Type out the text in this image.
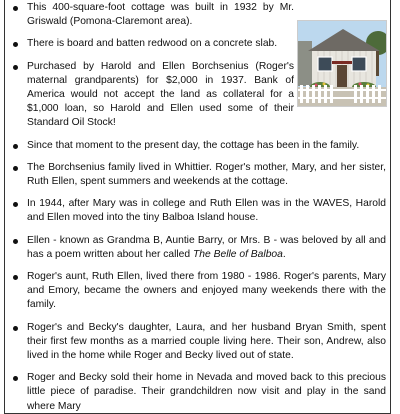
This 400-square-foot cottage was built in 1932 by Mr. Griswald (Pomona-Claremont area).
There is board and batten redwood on a concrete slab.
Purchased by Harold and Ellen Borchsenius (Roger's maternal grandparents) for $2,000 in 1937. Bank of America would not accept the land as collateral for a $1,000 loan, so Harold and Ellen used some of their Standard Oil Stock!
Since that moment to the present day, the cottage has been in the family.
The Borchsenius family lived in Whittier. Roger's mother, Mary, and her sister, Ruth Ellen, spent summers and weekends at the cottage.
In 1944, after Mary was in college and Ruth Ellen was in the WAVES, Harold and Ellen moved into the tiny Balboa Island house.
Ellen - known as Grandma B, Auntie Barry, or Mrs. B - was beloved by all and has a poem written about her called The Belle of Balboa.
Roger's aunt, Ruth Ellen, lived there from 1980 - 1986. Roger's parents, Mary and Emory, became the owners and enjoyed many weekends there with the family.
Roger's and Becky's daughter, Laura, and her husband Bryan Smith, spent their first few months as a married couple living here. Their son, Andrew, also lived in the home while Roger and Becky lived out of state.
Roger and Becky sold their home in Nevada and moved back to this precious little piece of paradise. Their grandchildren now visit and play in the sand where Mary
